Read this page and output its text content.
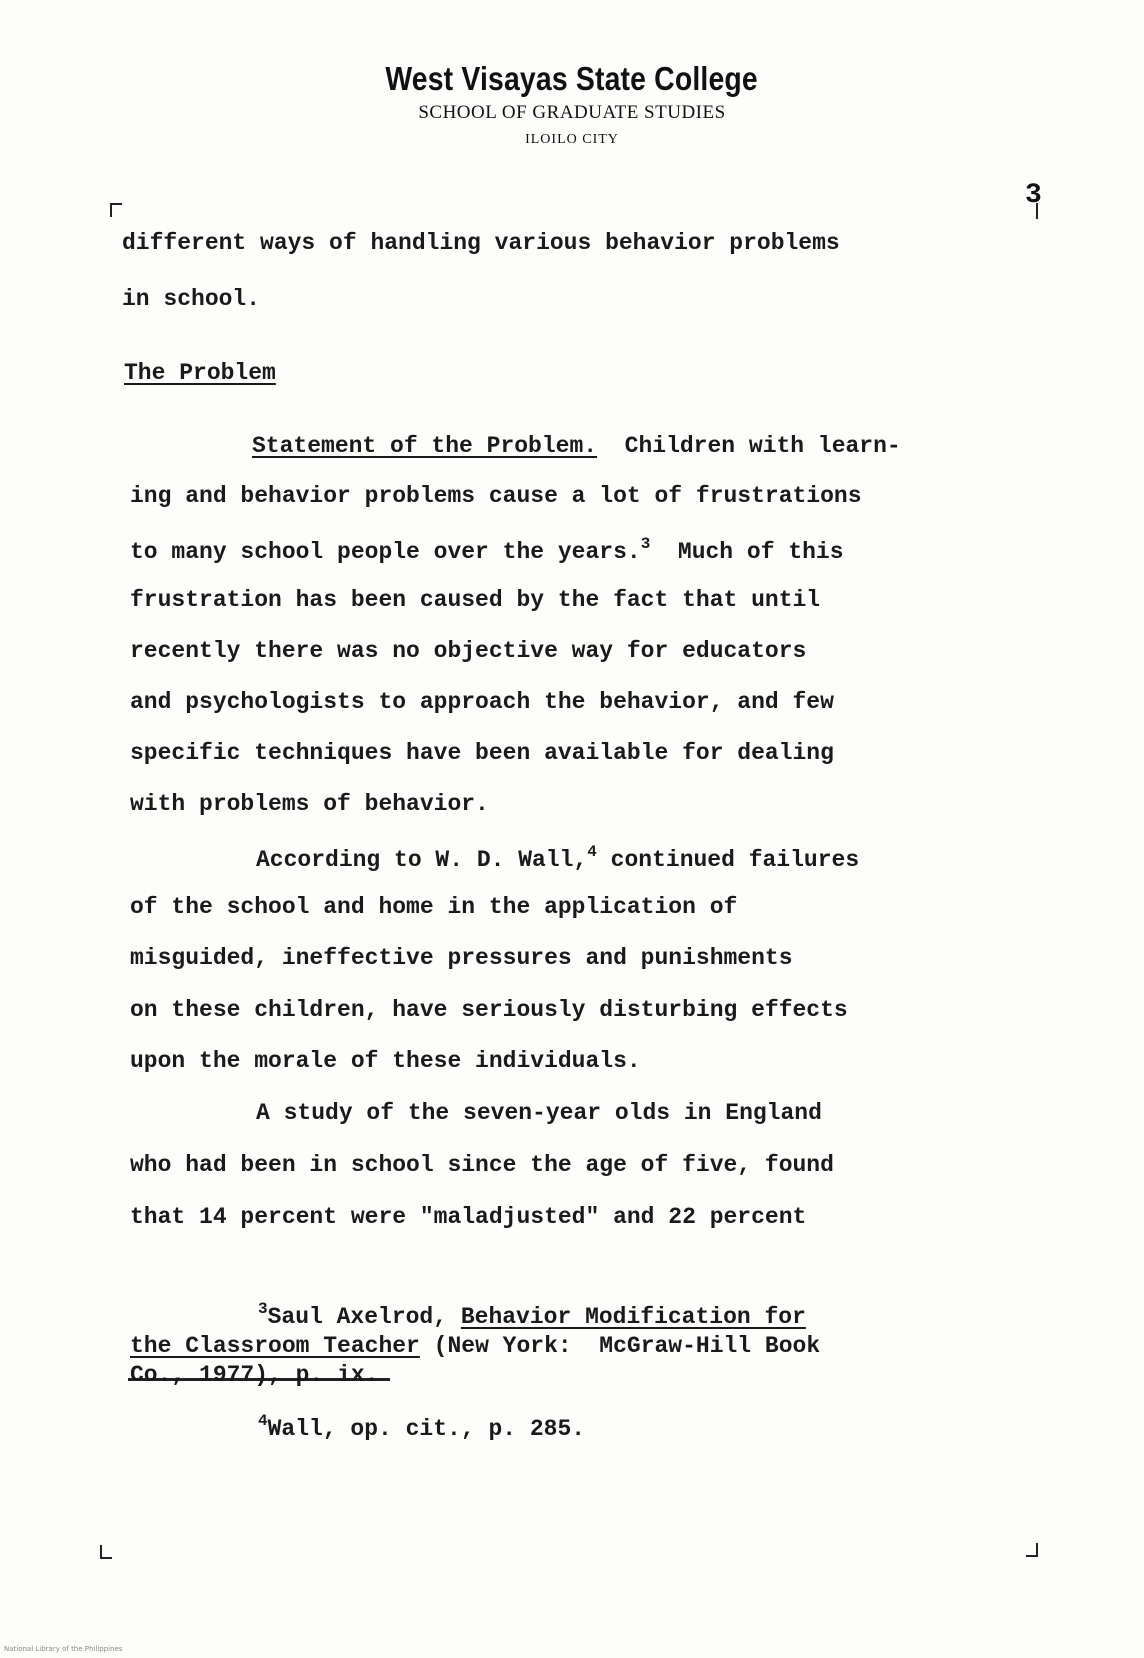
West Visayas State College
SCHOOL OF GRADUATE STUDIES
ILOILO CITY
3
different ways of handling various behavior problems
in school.
The Problem
Statement of the Problem.  Children with learn-
ing and behavior problems cause a lot of frustrations
to many school people over the years.$^3$  Much of this
frustration has been caused by the fact that until
recently there was no objective way for educators
and psychologists to approach the behavior, and few
specific techniques have been available for dealing
with problems of behavior.
According to W. D. Wall,$^4$ continued failures
of the school and home in the application of
misguided, ineffective pressures and punishments
on these children, have seriously disturbing effects
upon the morale of these individuals.
A study of the seven-year olds in England
who had been in school since the age of five, found
that 14 percent were "maladjusted" and 22 percent
$^3$Saul Axelrod, Behavior Modification for
the Classroom Teacher (New York:  McGraw-Hill Book
Co., 1977), p. ix.
$^4$Wall, op. cit., p. 285.
National Library of the Philippines
